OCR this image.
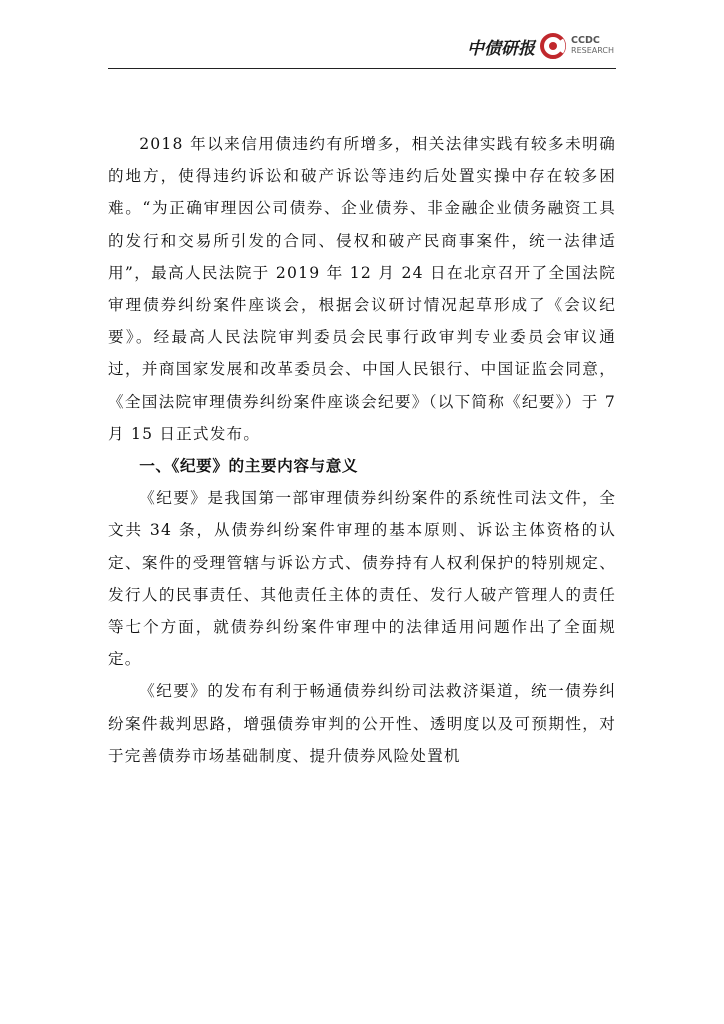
中债研报	CCDC
RESEARCH

2018 年以来信用债违约有所增多，相关法律实践有较多未明确的地方，使得违约诉讼和破产诉讼等违约后处置实操中存在较多困难。“为正确审理因公司债券、企业债券、非金融企业债务融资工具的发行和交易所引发的合同、侵权和破产民商事案件，统一法律适用”，最高人民法院于 2019 年 12 月 24 日在北京召开了全国法院审理债券纠纷案件座谈会，根据会议研讨情况起草形成了《会议纪要》。经最高人民法院审判委员会民事行政审判专业委员会审议通过，并商国家发展和改革委员会、中国人民银行、中国证监会同意，《全国法院审理债券纠纷案件座谈会纪要》（以下简称《纪要》）于 7 月 15 日正式发布。

一、《纪要》的主要内容与意义

《纪要》是我国第一部审理债券纠纷案件的系统性司法文件，全文共 34 条，从债券纠纷案件审理的基本原则、诉讼主体资格的认定、案件的受理管辖与诉讼方式、债券持有人权利保护的特别规定、发行人的民事责任、其他责任主体的责任、发行人破产管理人的责任等七个方面，就债券纠纷案件审理中的法律适用问题作出了全面规定。

《纪要》的发布有利于畅通债券纠纷司法救济渠道，统一债券纠纷案件裁判思路，增强债券审判的公开性、透明度以及可预期性，对于完善债券市场基础制度、提升债券风险处置机
